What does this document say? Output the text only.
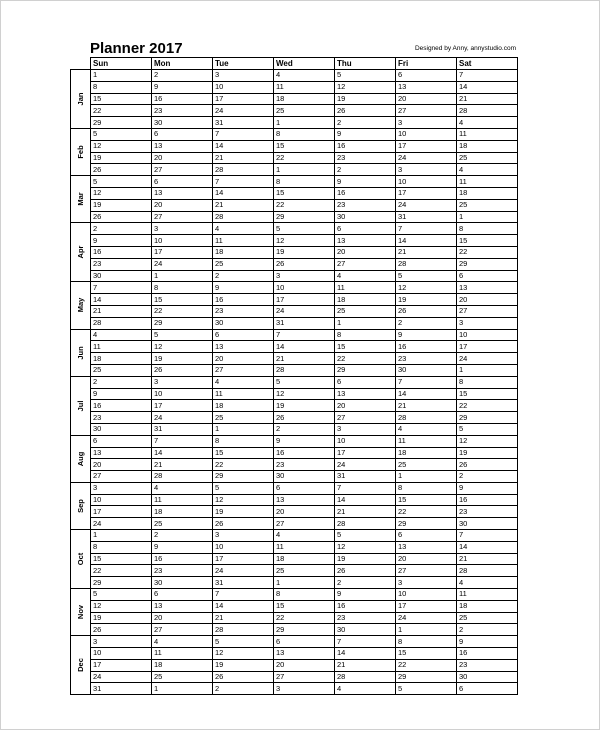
Planner 2017	Designed by Anny, annystudio.com
	Sun	Mon	Tue	Wed	Thu	Fri	Sat

Jan	1	2	3	4	5	6	7
	8	9	10	11	12	13	14
	15	16	17	18	19	20	21
	22	23	24	25	26	27	28
	29	30	31	1	2	3	4

Feb	5	6	7	8	9	10	11
	12	13	14	15	16	17	18
	19	20	21	22	23	24	25
	26	27	28	1	2	3	4

Mar	5	6	7	8	9	10	11
	12	13	14	15	16	17	18
	19	20	21	22	23	24	25
	26	27	28	29	30	31	1

Apr	2	3	4	5	6	7	8
	9	10	11	12	13	14	15
	16	17	18	19	20	21	22
	23	24	25	26	27	28	29
	30	1	2	3	4	5	6

May	7	8	9	10	11	12	13
	14	15	16	17	18	19	20
	21	22	23	24	25	26	27
	28	29	30	31	1	2	3

Jun	4	5	6	7	8	9	10
	11	12	13	14	15	16	17
	18	19	20	21	22	23	24
	25	26	27	28	29	30	1

Jul	2	3	4	5	6	7	8
	9	10	11	12	13	14	15
	16	17	18	19	20	21	22
	23	24	25	26	27	28	29
	30	31	1	2	3	4	5

Aug	6	7	8	9	10	11	12
	13	14	15	16	17	18	19
	20	21	22	23	24	25	26
	27	28	29	30	31	1	2

Sep	3	4	5	6	7	8	9
	10	11	12	13	14	15	16
	17	18	19	20	21	22	23
	24	25	26	27	28	29	30

Oct	1	2	3	4	5	6	7
	8	9	10	11	12	13	14
	15	16	17	18	19	20	21
	22	23	24	25	26	27	28
	29	30	31	1	2	3	4

Nov	5	6	7	8	9	10	11
	12	13	14	15	16	17	18
	19	20	21	22	23	24	25
	26	27	28	29	30	1	2

Dec	3	4	5	6	7	8	9
	10	11	12	13	14	15	16
	17	18	19	20	21	22	23
	24	25	26	27	28	29	30
	31	1	2	3	4	5	6
